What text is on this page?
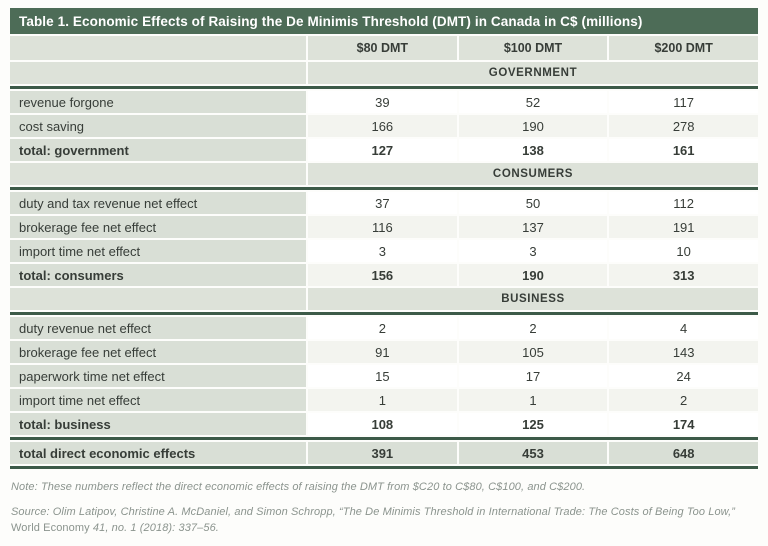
Table 1. Economic Effects of Raising the De Minimis Threshold (DMT) in Canada in C$ (millions)
$80 DMT	$100 DMT	$200 DMT
GOVERNMENT
revenue forgone	39	52	117
cost saving	166	190	278
total: government	127	138	161
CONSUMERS
duty and tax revenue net effect	37	50	112
brokerage fee net effect	116	137	191
import time net effect	3	3	10
total: consumers	156	190	313
BUSINESS
duty revenue net effect	2	2	4
brokerage fee net effect	91	105	143
paperwork time net effect	15	17	24
import time net effect	1	1	2
total: business	108	125	174
total direct economic effects	391	453	648
Note: These numbers reflect the direct economic effects of raising the DMT from $C20 to C$80, C$100, and C$200.
Source: Olim Latipov, Christine A. McDaniel, and Simon Schropp, “The De Minimis Threshold in International Trade: The Costs of Being Too Low,” World Economy 41, no. 1 (2018): 337–56.
